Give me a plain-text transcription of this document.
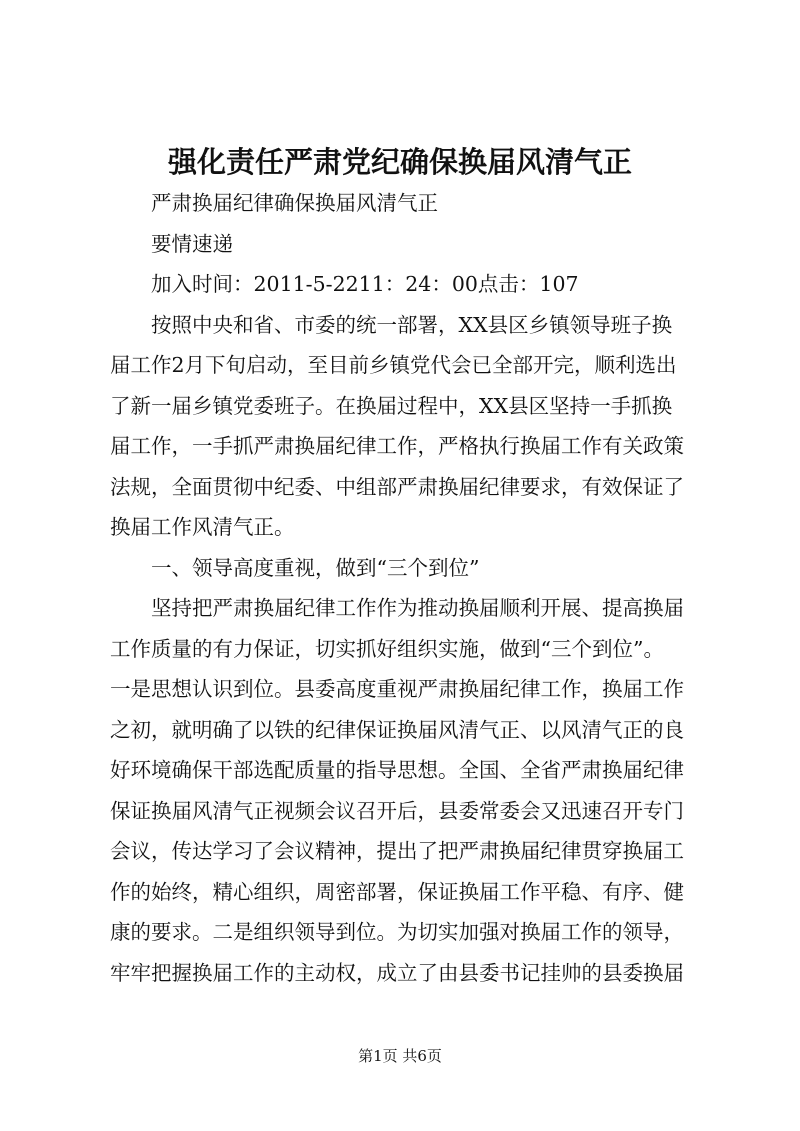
强化责任严肃党纪确保换届风清气正
　　严肃换届纪律确保换届风清气正
　　要情速递
　　加入时间：2011-5-2211：24：00点击：107
　　按照中央和省、市委的统一部署，XX县区乡镇领导班子换
届工作2月下旬启动，至目前乡镇党代会已全部开完，顺利选出
了新一届乡镇党委班子。在换届过程中，XX县区坚持一手抓换
届工作，一手抓严肃换届纪律工作，严格执行换届工作有关政策
法规，全面贯彻中纪委、中组部严肃换届纪律要求，有效保证了
换届工作风清气正。
　　一、领导高度重视，做到“三个到位”
　　坚持把严肃换届纪律工作作为推动换届顺利开展、提高换届
工作质量的有力保证，切实抓好组织实施，做到“三个到位”。
一是思想认识到位。县委高度重视严肃换届纪律工作，换届工作
之初，就明确了以铁的纪律保证换届风清气正、以风清气正的良
好环境确保干部选配质量的指导思想。全国、全省严肃换届纪律
保证换届风清气正视频会议召开后，县委常委会又迅速召开专门
会议，传达学习了会议精神，提出了把严肃换届纪律贯穿换届工
作的始终，精心组织，周密部署，保证换届工作平稳、有序、健
康的要求。二是组织领导到位。为切实加强对换届工作的领导，
牢牢把握换届工作的主动权，成立了由县委书记挂帅的县委换届
第1页 共6页
